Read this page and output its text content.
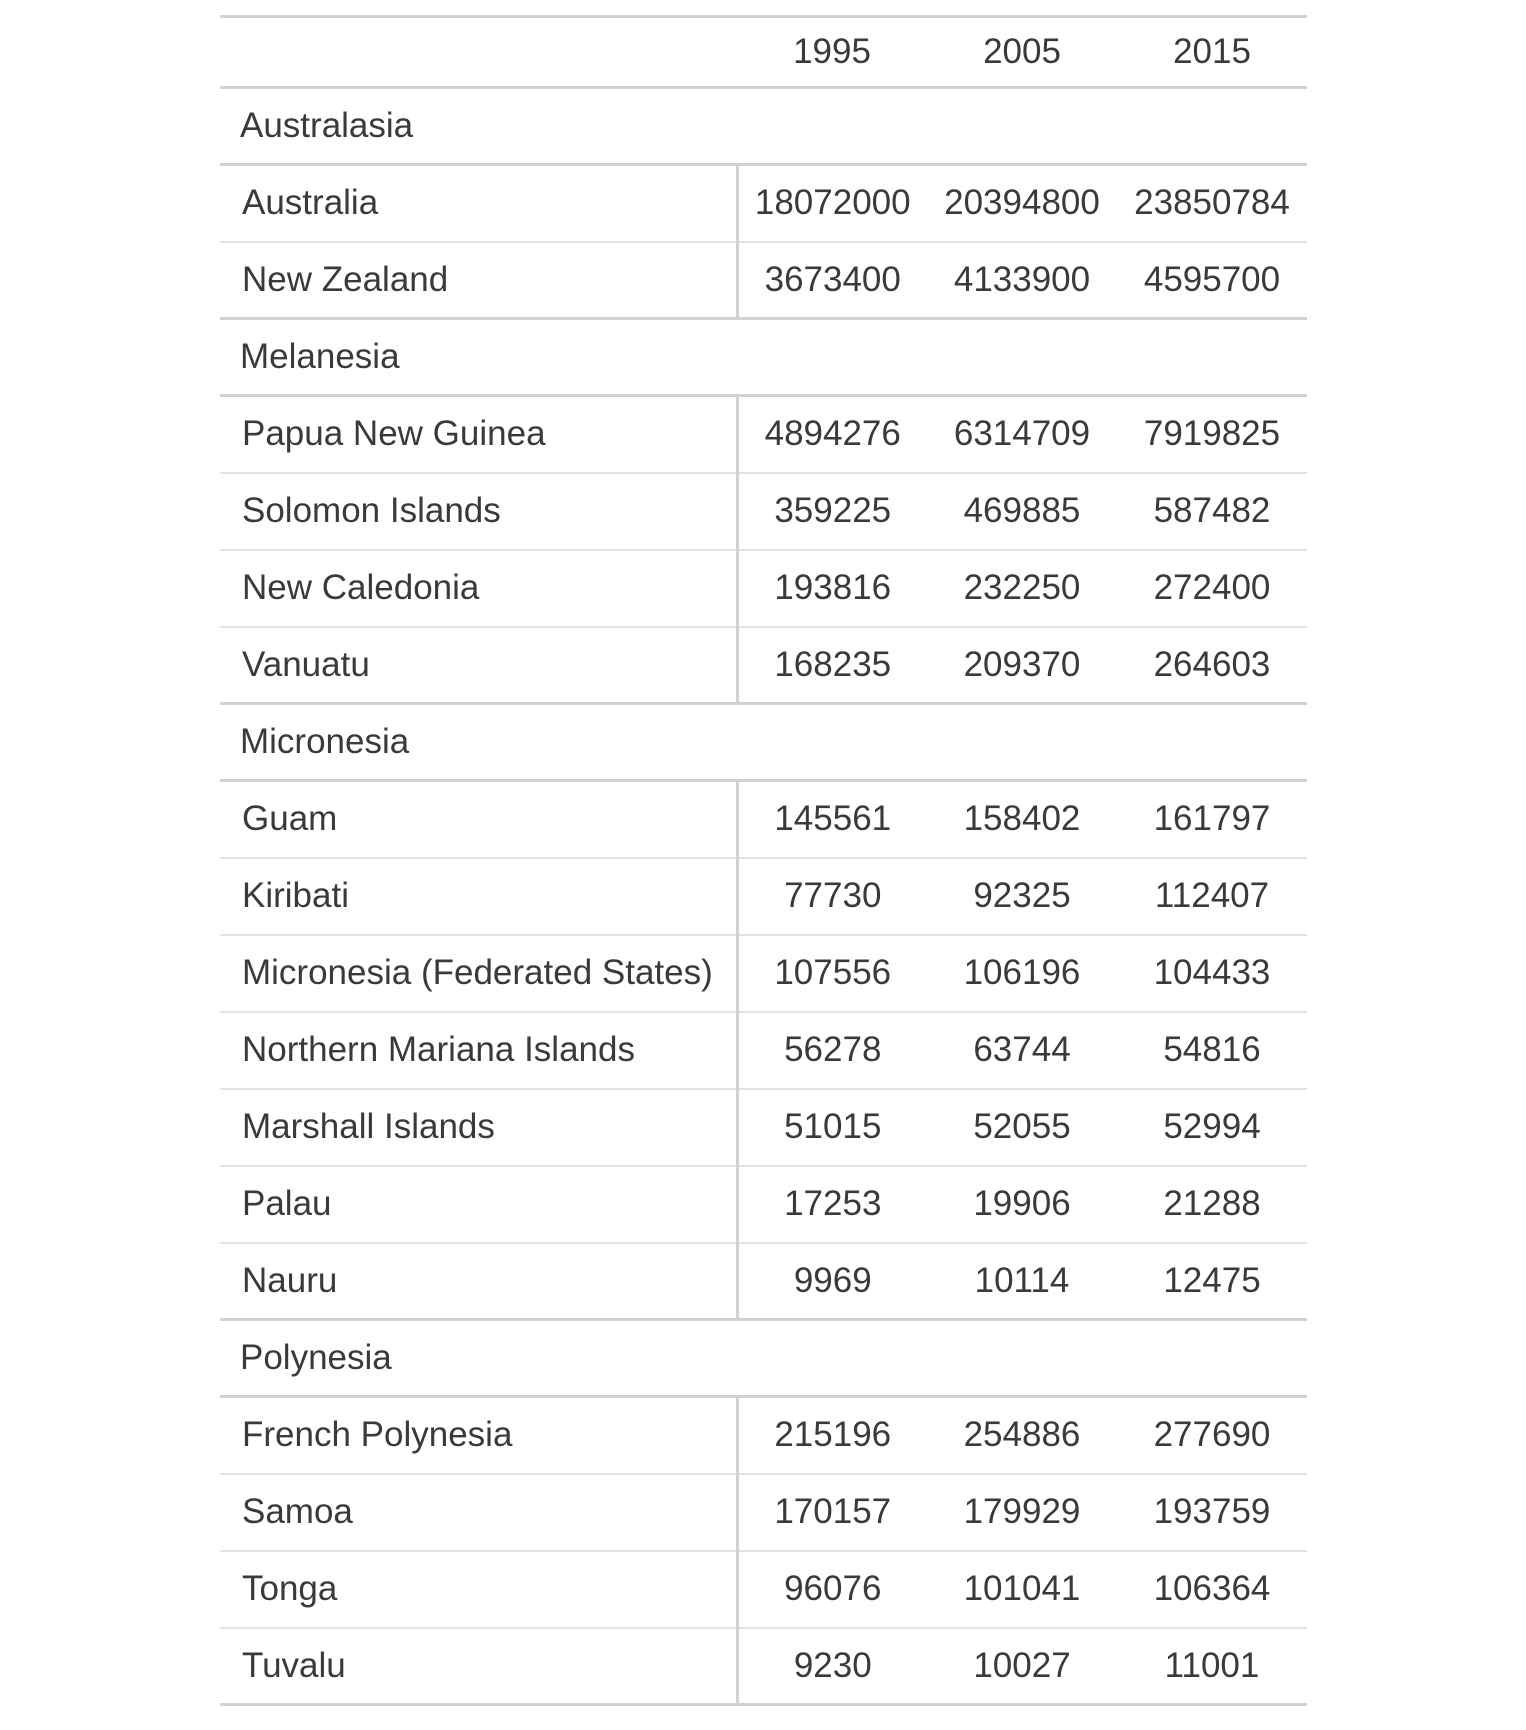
	1995	2005	2015
Australasia			
Australia	18072000	20394800	23850784
New Zealand	3673400	4133900	4595700
Melanesia			
Papua New Guinea	4894276	6314709	7919825
Solomon Islands	359225	469885	587482
New Caledonia	193816	232250	272400
Vanuatu	168235	209370	264603
Micronesia			
Guam	145561	158402	161797
Kiribati	77730	92325	112407
Micronesia (Federated States)	107556	106196	104433
Northern Mariana Islands	56278	63744	54816
Marshall Islands	51015	52055	52994
Palau	17253	19906	21288
Nauru	9969	10114	12475
Polynesia			
French Polynesia	215196	254886	277690
Samoa	170157	179929	193759
Tonga	96076	101041	106364
Tuvalu	9230	10027	11001
